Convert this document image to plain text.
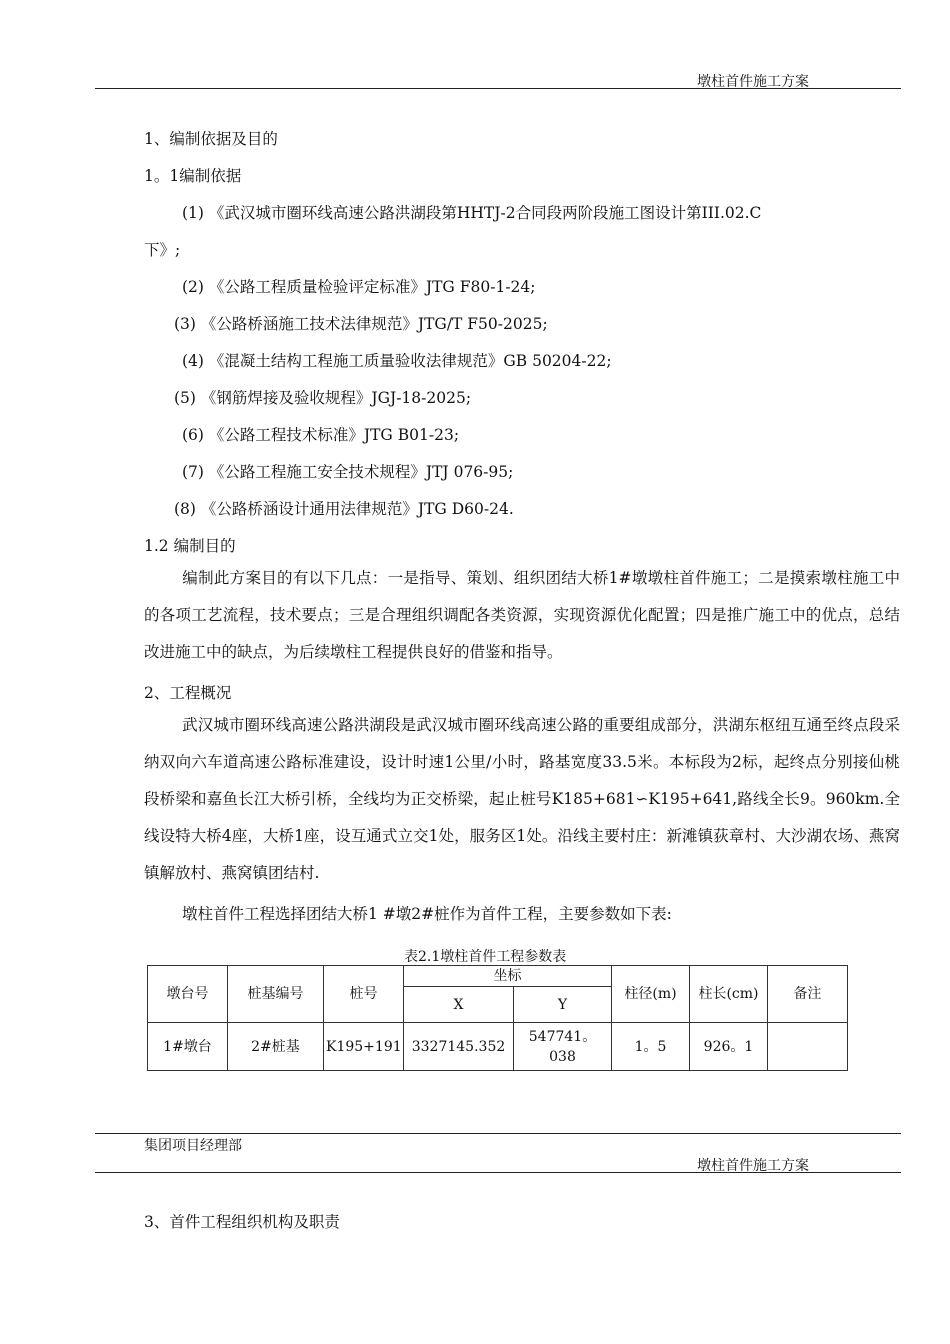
墩柱首件施工方案
1、编制依据及目的
1。1编制依据
(1) 《武汉城市圈环线高速公路洪湖段第HHTJ-2合同段两阶段施工图设计第III.02.C
下》;
(2) 《公路工程质量检验评定标准》JTG F80-1-24;
(3) 《公路桥涵施工技术法律规范》JTG/T F50-2025;
(4) 《混凝土结构工程施工质量验收法律规范》GB 50204-22;
(5) 《钢筋焊接及验收规程》JGJ-18-2025;
(6) 《公路工程技术标准》JTG B01-23;
(7) 《公路工程施工安全技术规程》JTJ 076-95;
(8) 《公路桥涵设计通用法律规范》JTG D60-24.
1.2 编制目的
编制此方案目的有以下几点：一是指导、策划、组织团结大桥1#墩墩柱首件施工；二是摸索墩柱施工中的各项工艺流程，技术要点；三是合理组织调配各类资源，实现资源优化配置；四是推广施工中的优点，总结改进施工中的缺点，为后续墩柱工程提供良好的借鉴和指导。
2、工程概况
武汉城市圈环线高速公路洪湖段是武汉城市圈环线高速公路的重要组成部分，洪湖东枢纽互通至终点段采纳双向六车道高速公路标准建设，设计时速1公里/小时，路基宽度33.5米。本标段为2标，起终点分别接仙桃段桥梁和嘉鱼长江大桥引桥，全线均为正交桥梁，起止桩号K185+681∽K195+641,路线全长9。960km.全线设特大桥4座，大桥1座，设互通式立交1处，服务区1处。沿线主要村庄：新滩镇荻章村、大沙湖农场、燕窝镇解放村、燕窝镇团结村.
墩柱首件工程选择团结大桥1 #墩2#桩作为首件工程，主要参数如下表:
表2.1墩柱首件工程参数表
墩台号	桩基编号	桩号	坐标		柱径(m)	柱长(cm)	备注
			X	Y			
1#墩台	2#桩基	K195+191	3327145.352	547741。 038	1。5	926。1	
集团项目经理部
墩柱首件施工方案
3、首件工程组织机构及职责
